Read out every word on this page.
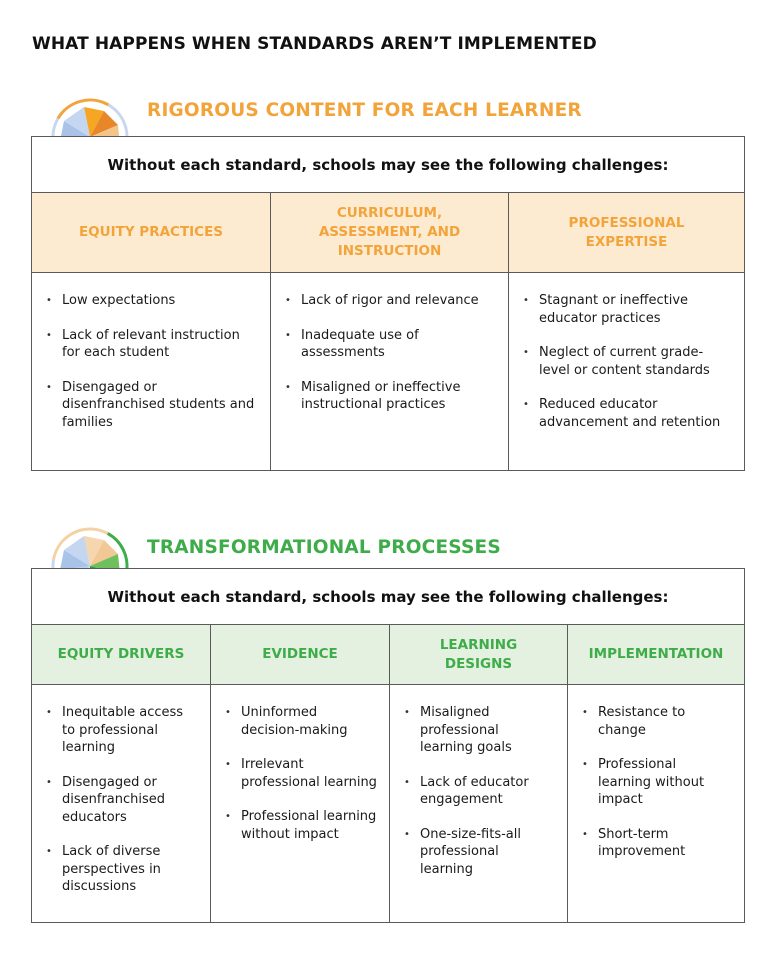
WHAT HAPPENS WHEN STANDARDS AREN’T IMPLEMENTED
RIGOROUS CONTENT FOR EACH LEARNER
Without each standard, schools may see the following challenges:
EQUITY PRACTICES
CURRICULUM, ASSESSMENT, AND INSTRUCTION
PROFESSIONAL EXPERTISE
• Low expectations
• Lack of relevant instruction for each student
• Disengaged or disenfranchised students and families
• Lack of rigor and relevance
• Inadequate use of assessments
• Misaligned or ineffective instructional practices
• Stagnant or ineffective educator practices
• Neglect of current grade-level or content standards
• Reduced educator advancement and retention
TRANSFORMATIONAL PROCESSES
Without each standard, schools may see the following challenges:
EQUITY DRIVERS	EVIDENCE
LEARNING DESIGNS
IMPLEMENTATION
• Inequitable access to professional learning
• Disengaged or disenfranchised educators
• Lack of diverse perspectives in discussions
• Uninformed decision-making
• Irrelevant professional learning
• Professional learning without impact
• Misaligned professional learning goals
• Lack of educator engagement
• One-size-fits-all professional learning
• Resistance to change
• Professional learning without impact
• Short-term improvement
